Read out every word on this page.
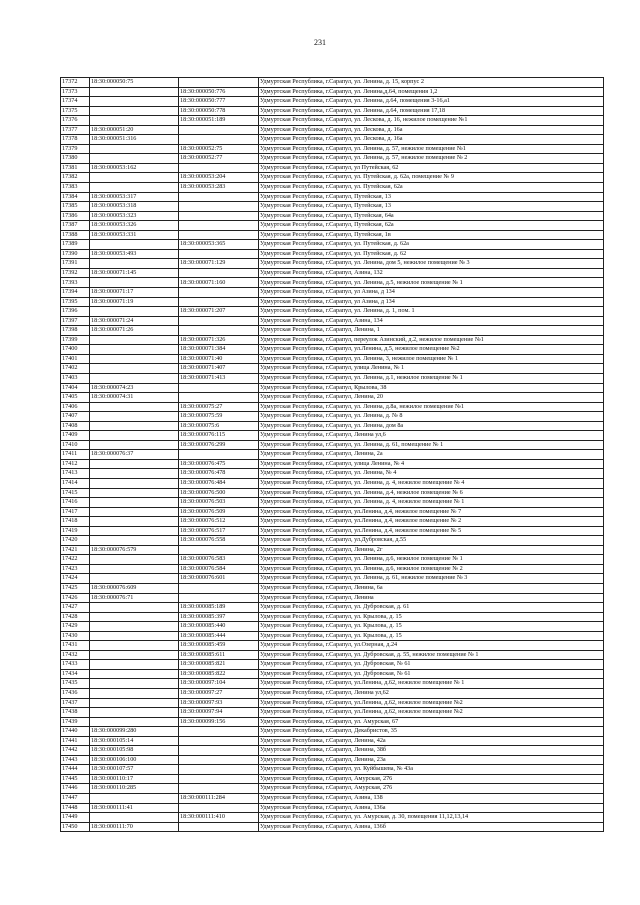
231
17372	18:30:000050:75		Удмуртская Республика, г.Сарапул, ул. Ленина, д. 15, корпус 2
17373		18:30:000050:776	Удмуртская Республика, г.Сарапул, ул. Ленина,д.64, помещения 1,2
17374		18:30:000050:777	Удмуртская Республика, г.Сарапул, ул. Ленина, д.64, помещения 3-16,а1
17375		18:30:000050:778	Удмуртская Республика, г.Сарапул, ул. Ленина, д.64, помещения 17,18
17376		18:30:000051:189	Удмуртская Республика, г.Сарапул, ул. Лескова, д. 16, нежилое помещение №1
17377	18:30:000051:20		Удмуртская Республика, г.Сарапул, ул. Лескова, д. 16а
17378	18:30:000051:316		Удмуртская Республика, г.Сарапул, ул. Лескова, д. 16а
17379		18:30:000052:75	Удмуртская Республика, г.Сарапул, ул. Ленина, д. 57, нежилое помещение №1
17380		18:30:000052:77	Удмуртская Республика, г.Сарапул, ул. Ленина, д. 57, нежилое помещение № 2
17381	18:30:000053:162		Удмуртская Республика, г.Сарапул, ул Путейская, 62
17382		18:30:000053:204	Удмуртская Республика, г.Сарапул, ул. Путейская, д. 62а, помещение № 9
17383		18:30:000053:283	Удмуртская Республика, г.Сарапул, ул. Путейская, 62а
17384	18:30:000053:317		Удмуртская Республика, г.Сарапул, Путейская, 13
17385	18:30:000053:318		Удмуртская Республика, г.Сарапул, Путейская, 13
17386	18:30:000053:323		Удмуртская Республика, г.Сарапул, Путейская, 64а
17387	18:30:000053:326		Удмуртская Республика, г.Сарапул, Путейская, 62а
17388	18:30:000053:331		Удмуртская Республика, г.Сарапул, Путейская, 1в
17389		18:30:000053:365	Удмуртская Республика, г.Сарапул, ул. Путейская, д. 62а
17390	18:30:000053:493		Удмуртская Республика, г.Сарапул, ул. Путейская, д. 62
17391		18:30:000071:129	Удмуртская Республика, г.Сарапул, ул. Ленина, дом 5, нежилое помещение № 3
17392	18:30:000071:145		Удмуртская Республика, г.Сарапул, Азина, 132
17393		18:30:000071:160	Удмуртская Республика, г.Сарапул, ул. Ленина, д.5, нежилое помещение № 1
17394	18:30:000071:17		Удмуртская Республика, г.Сарапул, ул Азина, д 134
17395	18:30:000071:19		Удмуртская Республика, г.Сарапул, ул Азина, д 134
17396		18:30:000071:207	Удмуртская Республика, г.Сарапул, ул. Ленина, д. 1, пом. 1
17397	18:30:000071:24		Удмуртская Республика, г.Сарапул, Азина, 134
17398	18:30:000071:26		Удмуртская Республика, г.Сарапул, Ленина, 1
17399		18:30:000071:326	Удмуртская Республика, г.Сарапул, переулок Азинский, д.2, нежилое помещение №1
17400		18:30:000071:384	Удмуртская Республика, г.Сарапул, ул.Ленина, д.5, нежилое помещение №2
17401		18:30:000071:40	Удмуртская Республика, г.Сарапул, ул. Ленина, 3, нежилое помещение № 1
17402		18:30:000071:407	Удмуртская Республика, г.Сарапул, улица Ленина, № 1
17403		18:30:000071:413	Удмуртская Республика, г.Сарапул, ул. Ленина, д.1, нежилое помещение № 1
17404	18:30:000074:23		Удмуртская Республика, г.Сарапул, Крылова, 38
17405	18:30:000074:31		Удмуртская Республика, г.Сарапул, Ленина, 20
17406		18:30:000075:27	Удмуртская Республика, г.Сарапул, ул. Ленина, д.8а, нежилое помещение №1
17407		18:30:000075:59	Удмуртская Республика, г.Сарапул, ул. Ленина, д. № 8
17408		18:30:000075:6	Удмуртская Республика, г.Сарапул, ул. Ленина, дом 8а
17409		18:30:000076:115	Удмуртская Республика, г.Сарапул, Ленина ул,6
17410		18:30:000076:299	Удмуртская Республика, г.Сарапул, ул. Ленина, д. 61, помещение № 1
17411	18:30:000076:37		Удмуртская Республика, г.Сарапул, Ленина, 2а
17412		18:30:000076:475	Удмуртская Республика, г.Сарапул, улица Ленина, № 4
17413		18:30:000076:478	Удмуртская Республика, г.Сарапул, ул. Ленина, № 4
17414		18:30:000076:484	Удмуртская Республика, г.Сарапул, ул. Ленина, д. 4, нежилое помещение № 4
17415		18:30:000076:500	Удмуртская Республика, г.Сарапул, ул. Ленина, д.4, нежилое помещение № 6
17416		18:30:000076:503	Удмуртская Республика, г.Сарапул, ул. Ленина, д. 4, нежилое помещение № 1
17417		18:30:000076:509	Удмуртская Республика, г.Сарапул, ул.Ленина, д.4, нежилое помещение № 7
17418		18:30:000076:512	Удмуртская Республика, г.Сарапул, ул.Ленина, д.4, нежилое помещение № 2
17419		18:30:000076:517	Удмуртская Республика, г.Сарапул, ул.Ленина, д.4, нежилое помещение № 5
17420		18:30:000076:558	Удмуртская Республика, г.Сарапул, ул.Дубровская, д.55
17421	18:30:000076:579		Удмуртская Республика, г.Сарапул, Ленина, 2г
17422		18:30:000076:583	Удмуртская Республика, г.Сарапул, ул. Ленина, д.6, нежилое помещение № 1
17423		18:30:000076:584	Удмуртская Республика, г.Сарапул, ул. Ленина, д.6, нежилое помещение № 2
17424		18:30:000076:601	Удмуртская Республика, г.Сарапул, ул. Ленина, д. 61, нежилое помещение № 3
17425	18:30:000076:609		Удмуртская Республика, г.Сарапул, Ленина, 6а
17426	18:30:000076:71		Удмуртская Республика, г.Сарапул, Ленина
17427		18:30:000085:189	Удмуртская Республика, г.Сарапул, ул. Дубровская, д. 61
17428		18:30:000085:397	Удмуртская Республика, г.Сарапул, ул. Крылова, д. 15
17429		18:30:000085:440	Удмуртская Республика, г.Сарапул, ул. Крылова, д. 15
17430		18:30:000085:444	Удмуртская Республика, г.Сарапул, ул. Крылова, д. 15
17431		18:30:000085:459	Удмуртская Республика, г.Сарапул, ул.Озерная, д.24
17432		18:30:000085:611	Удмуртская Республика, г.Сарапул, ул. Дубровская, д. 55, нежилое помещение № 1
17433		18:30:000085:821	Удмуртская Республика, г.Сарапул, ул. Дубровская, № 61
17434		18:30:000085:822	Удмуртская Республика, г.Сарапул, ул. Дубровская, № 61
17435		18:30:000097:104	Удмуртская Республика, г.Сарапул, ул.Ленина, д.62, нежилое помещение № 1
17436		18:30:000097:27	Удмуртская Республика, г.Сарапул, Ленина ул,62
17437		18:30:000097:93	Удмуртская Республика, г.Сарапул, ул.Ленина, д.62, нежилое помещение №2
17438		18:30:000097:94	Удмуртская Республика, г.Сарапул, ул.Ленина, д.62, нежилое помещение №2
17439		18:30:000099:156	Удмуртская Республика, г.Сарапул, ул. Амурская, 67
17440	18:30:000099:280		Удмуртская Республика, г.Сарапул, Декабристов, 35
17441	18:30:000105:14		Удмуртская Республика, г.Сарапул, Ленина, 42а
17442	18:30:000105:98		Удмуртская Республика, г.Сарапул, Ленина, 38б
17443	18:30:000106:100		Удмуртская Республика, г.Сарапул, Ленина, 23а
17444	18:30:000107:57		Удмуртская Республика, г.Сарапул, ул. Куйбышева, № 43а
17445	18:30:000110:17		Удмуртская Республика, г.Сарапул, Амурская, 276
17446	18:30:000110:285		Удмуртская Республика, г.Сарапул, Амурская, 276
17447		18:30:000111:284	Удмуртская Республика, г.Сарапул, Азина, 138
17448	18:30:000111:41		Удмуртская Республика, г.Сарапул, Азина, 136а
17449		18:30:000111:410	Удмуртская Республика, г.Сарапул, ул. Амурская, д. 30, помещения 11,12,13,14
17450	18:30:000111:70		Удмуртская Республика, г.Сарапул, Азина, 136б
